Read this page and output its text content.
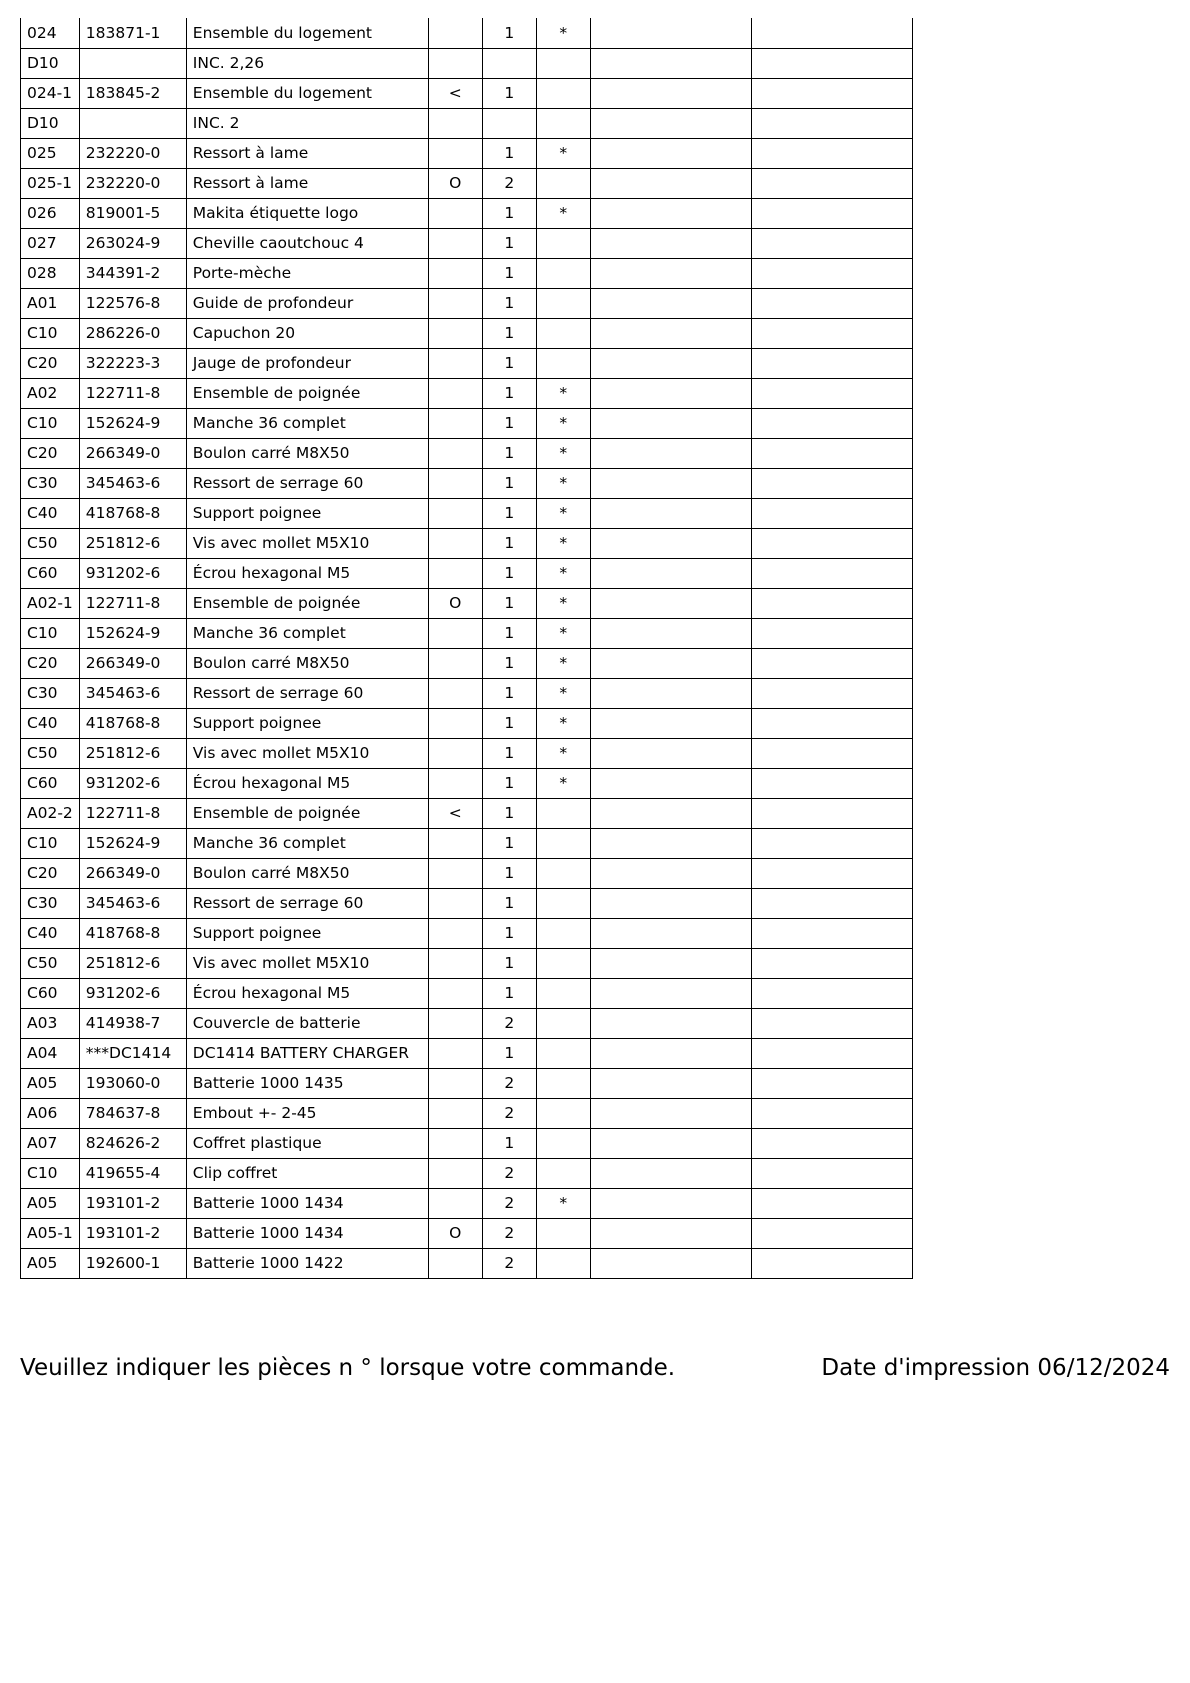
024	183871-1	Ensemble du logement		1	*		
D10		INC. 2,26					
024-1	183845-2	Ensemble du logement	<	1			
D10		INC. 2					
025	232220-0	Ressort à lame		1	*		
025-1	232220-0	Ressort à lame	O	2			
026	819001-5	Makita étiquette logo		1	*		
027	263024-9	Cheville caoutchouc 4		1			
028	344391-2	Porte-mèche		1			
A01	122576-8	Guide de profondeur		1			
C10	286226-0	Capuchon 20		1			
C20	322223-3	Jauge de profondeur		1			
A02	122711-8	Ensemble de poignée		1	*		
C10	152624-9	Manche 36 complet		1	*		
C20	266349-0	Boulon carré M8X50		1	*		
C30	345463-6	Ressort de serrage 60		1	*		
C40	418768-8	Support poignee		1	*		
C50	251812-6	Vis avec mollet M5X10		1	*		
C60	931202-6	Écrou hexagonal M5		1	*		
A02-1	122711-8	Ensemble de poignée	O	1	*		
C10	152624-9	Manche 36 complet		1	*		
C20	266349-0	Boulon carré M8X50		1	*		
C30	345463-6	Ressort de serrage 60		1	*		
C40	418768-8	Support poignee		1	*		
C50	251812-6	Vis avec mollet M5X10		1	*		
C60	931202-6	Écrou hexagonal M5		1	*		
A02-2	122711-8	Ensemble de poignée	<	1			
C10	152624-9	Manche 36 complet		1			
C20	266349-0	Boulon carré M8X50		1			
C30	345463-6	Ressort de serrage 60		1			
C40	418768-8	Support poignee		1			
C50	251812-6	Vis avec mollet M5X10		1			
C60	931202-6	Écrou hexagonal M5		1			
A03	414938-7	Couvercle de batterie		2			
A04	***DC1414	DC1414 BATTERY CHARGER		1			
A05	193060-0	Batterie 1000 1435		2			
A06	784637-8	Embout +- 2-45		2			
A07	824626-2	Coffret plastique		1			
C10	419655-4	Clip coffret		2			
A05	193101-2	Batterie 1000 1434		2	*		
A05-1	193101-2	Batterie 1000 1434	O	2			
A05	192600-1	Batterie 1000 1422		2			
Veuillez indiquer les pièces n ° lorsque votre commande.	Date d'impression 06/12/2024
